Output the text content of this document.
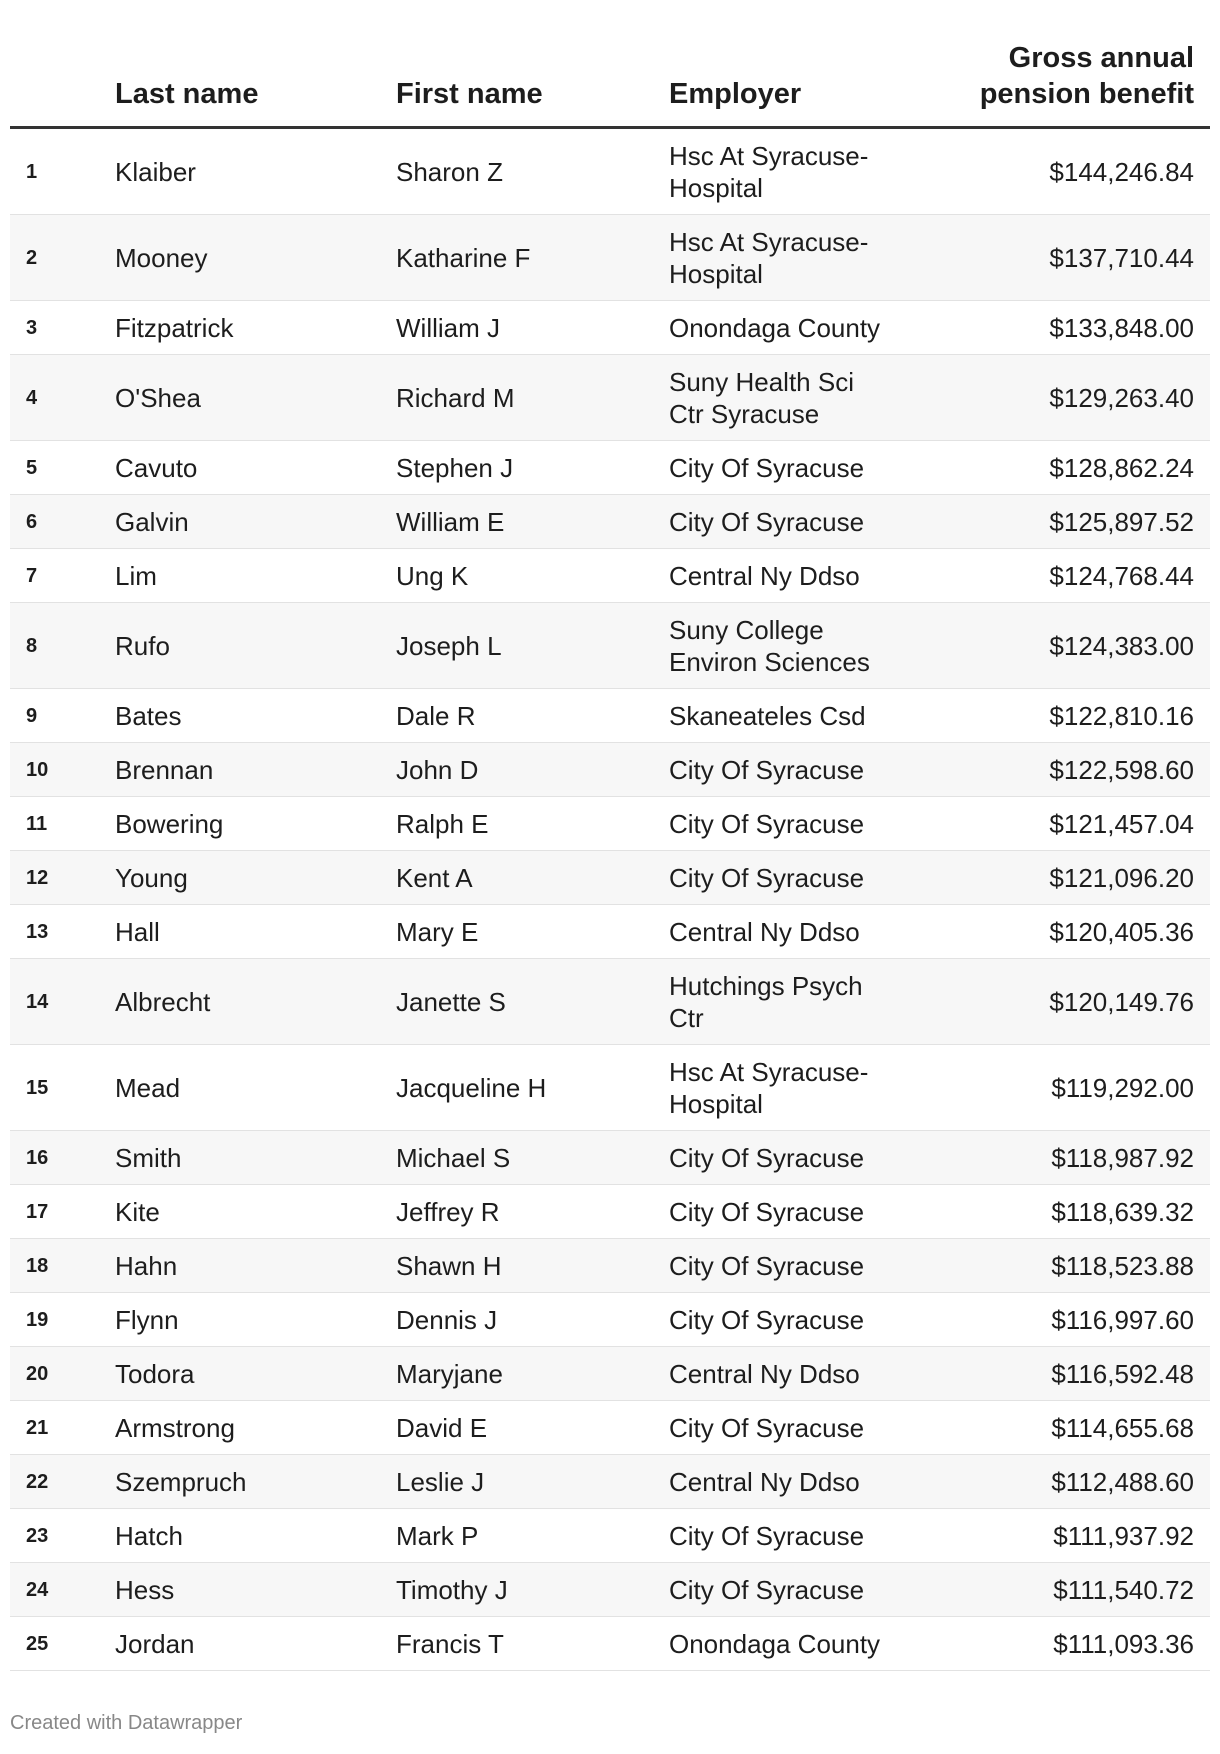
	Last name	First name	Employer	Gross annual
pension benefit

1	Klaiber	Sharon Z	Hsc At Syracuse-
Hospital	$144,246.84
2	Mooney	Katharine F	Hsc At Syracuse-
Hospital	$137,710.44
3	Fitzpatrick	William J	Onondaga County	$133,848.00
4	O'Shea	Richard M	Suny Health Sci
Ctr Syracuse	$129,263.40
5	Cavuto	Stephen J	City Of Syracuse	$128,862.24
6	Galvin	William E	City Of Syracuse	$125,897.52
7	Lim	Ung K	Central Ny Ddso	$124,768.44
8	Rufo	Joseph L	Suny College
Environ Sciences	$124,383.00
9	Bates	Dale R	Skaneateles Csd	$122,810.16
10	Brennan	John D	City Of Syracuse	$122,598.60
11	Bowering	Ralph E	City Of Syracuse	$121,457.04
12	Young	Kent A	City Of Syracuse	$121,096.20
13	Hall	Mary E	Central Ny Ddso	$120,405.36
14	Albrecht	Janette S	Hutchings Psych
Ctr	$120,149.76
15	Mead	Jacqueline H	Hsc At Syracuse-
Hospital	$119,292.00
16	Smith	Michael S	City Of Syracuse	$118,987.92
17	Kite	Jeffrey R	City Of Syracuse	$118,639.32
18	Hahn	Shawn H	City Of Syracuse	$118,523.88
19	Flynn	Dennis J	City Of Syracuse	$116,997.60
20	Todora	Maryjane	Central Ny Ddso	$116,592.48
21	Armstrong	David E	City Of Syracuse	$114,655.68
22	Szempruch	Leslie J	Central Ny Ddso	$112,488.60
23	Hatch	Mark P	City Of Syracuse	$111,937.92
24	Hess	Timothy J	City Of Syracuse	$111,540.72
25	Jordan	Francis T	Onondaga County	$111,093.36
Created with Datawrapper
